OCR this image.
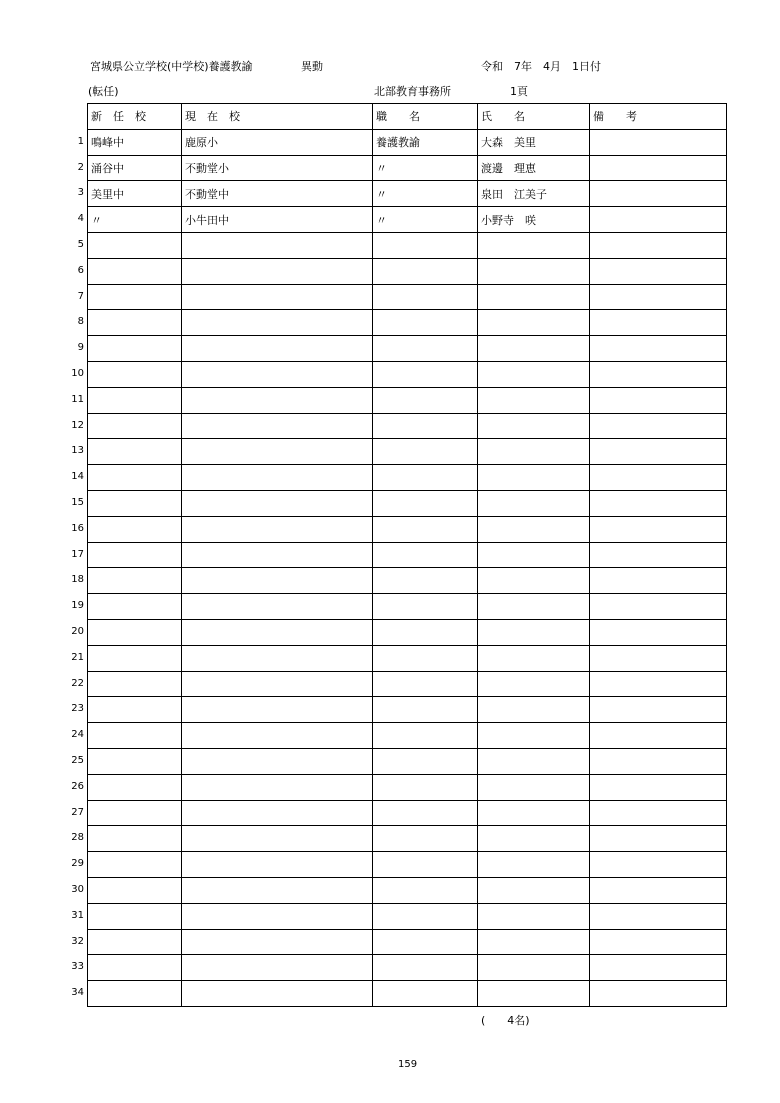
宮城県公立学校(中学校)養護教諭	異動	令和　7年　4月　1日付
(転任)	北部教育事務所	1頁
新　任　校	現　在　校	職　　名	氏　　名	備　　考
鳴峰中	鹿原小	養護教諭	大森　美里	
涌谷中	不動堂小	〃	渡邊　理恵	
美里中	不動堂中	〃	泉田　江美子	
〃	小牛田中	〃	小野寺　咲	

1
2
3
4
5
6
7
8
9
10
11
12
13
14
15
16
17
18
19
20
21
22
23
24
25
26
27
28
29
30
31
32
33
34
(　　4名)
159
